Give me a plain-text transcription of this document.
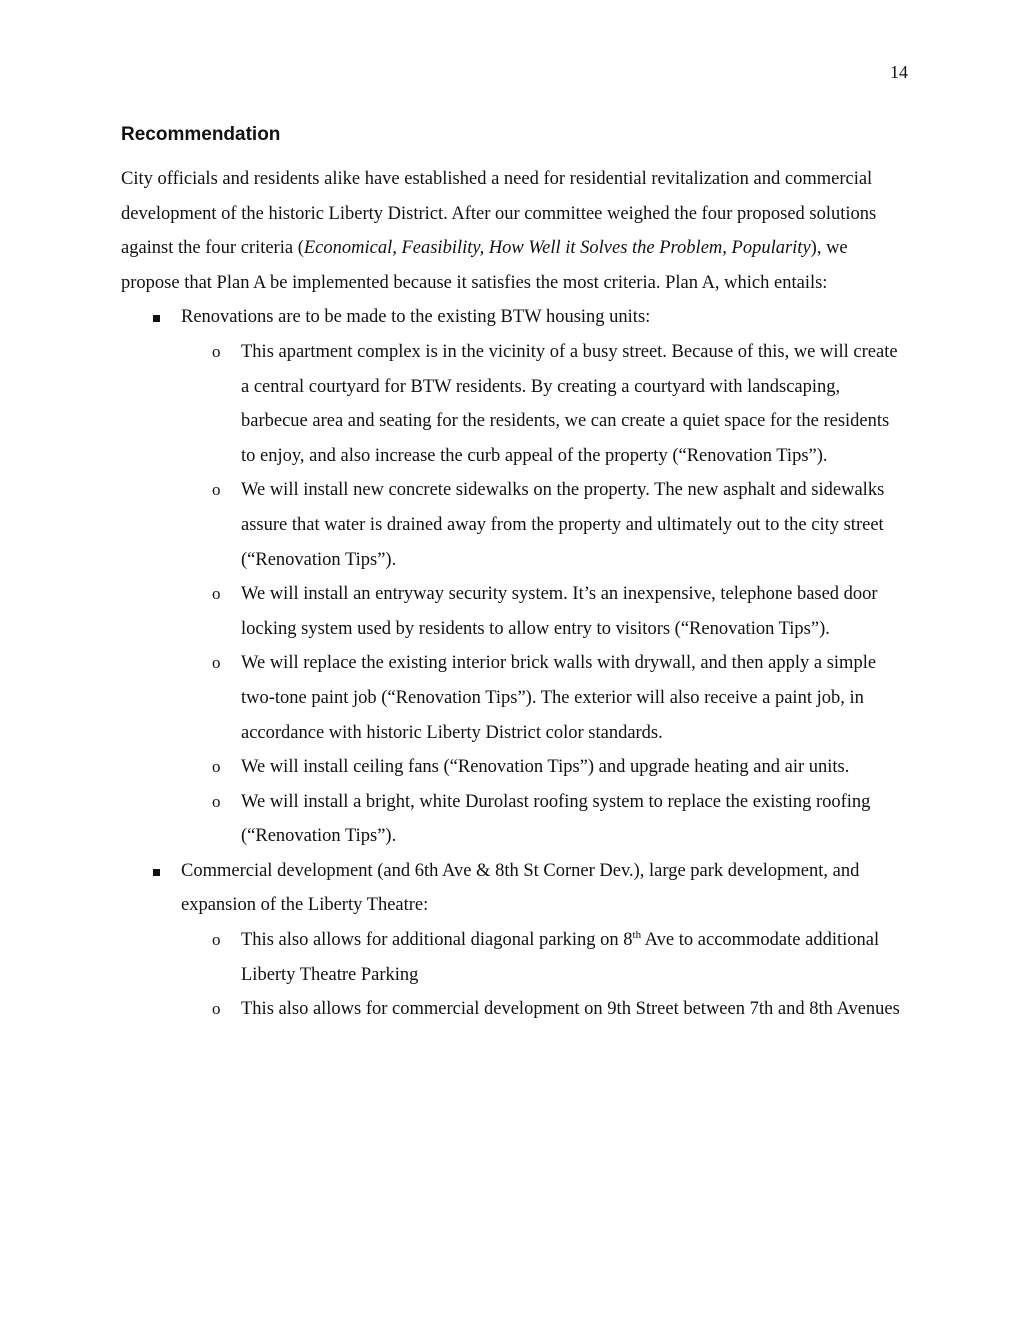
14
Recommendation

City officials and residents alike have established a need for residential revitalization and commercial development of the historic Liberty District. After our committee weighed the four proposed solutions against the four criteria (Economical, Feasibility, How Well it Solves the Problem, Popularity), we propose that Plan A be implemented because it satisfies the most criteria. Plan A, which entails:

Renovations are to be made to the existing BTW housing units:
o This apartment complex is in the vicinity of a busy street. Because of this, we will create a central courtyard for BTW residents. By creating a courtyard with landscaping, barbecue area and seating for the residents, we can create a quiet space for the residents to enjoy, and also increase the curb appeal of the property (“Renovation Tips”).
o We will install new concrete sidewalks on the property. The new asphalt and sidewalks assure that water is drained away from the property and ultimately out to the city street (“Renovation Tips”).
o We will install an entryway security system. It’s an inexpensive, telephone based door locking system used by residents to allow entry to visitors (“Renovation Tips”).
o We will replace the existing interior brick walls with drywall, and then apply a simple two-tone paint job (“Renovation Tips”). The exterior will also receive a paint job, in accordance with historic Liberty District color standards.
o We will install ceiling fans (“Renovation Tips”) and upgrade heating and air units.
o We will install a bright, white Durolast roofing system to replace the existing roofing (“Renovation Tips”).
Commercial development (and 6th Ave & 8th St Corner Dev.), large park development, and expansion of the Liberty Theatre:
o This also allows for additional diagonal parking on 8th Ave to accommodate additional Liberty Theatre Parking
o This also allows for commercial development on 9th Street between 7th and 8th Avenues
